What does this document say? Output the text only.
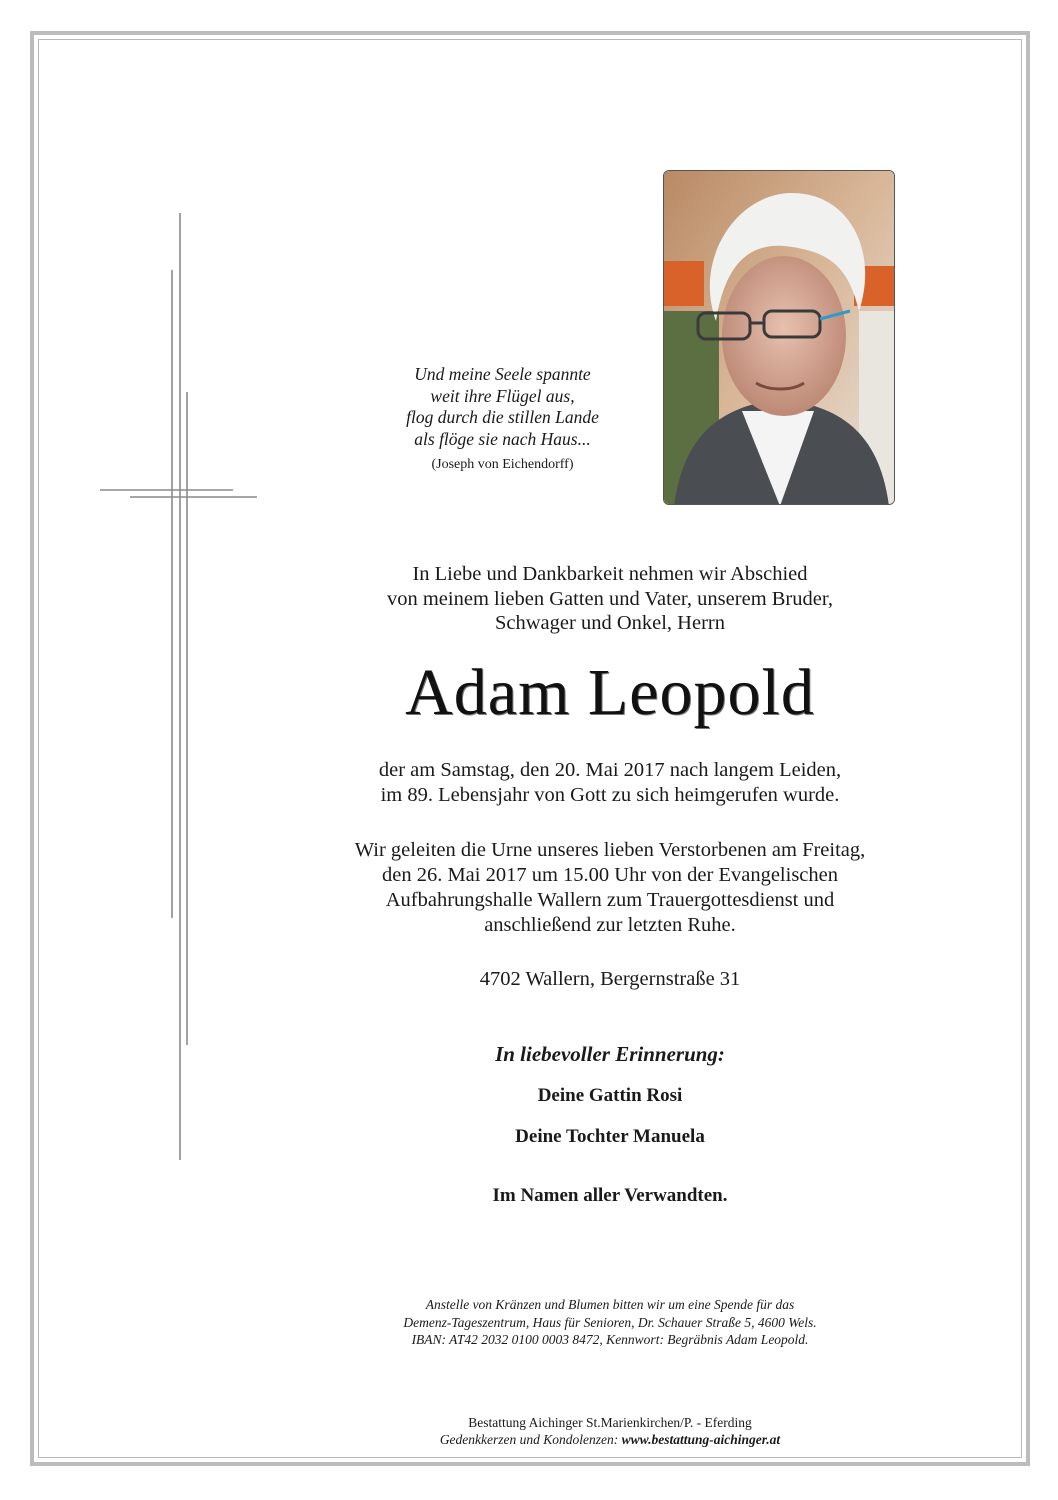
Und meine Seele spannte
weit ihre Flügel aus,
flog durch die stillen Lande
als flöge sie nach Haus...
(Joseph von Eichendorff)
In Liebe und Dankbarkeit nehmen wir Abschied
von meinem lieben Gatten und Vater, unserem Bruder,
Schwager und Onkel, Herrn
Adam Leopold
der am Samstag, den 20. Mai 2017 nach langem Leiden,
im 89. Lebensjahr von Gott zu sich heimgerufen wurde.
Wir geleiten die Urne unseres lieben Verstorbenen am Freitag,
den 26. Mai 2017 um 15.00 Uhr von der Evangelischen
Aufbahrungshalle Wallern zum Trauergottesdienst und
anschließend zur letzten Ruhe.
4702 Wallern, Bergernstraße 31
In liebevoller Erinnerung:
Deine Gattin Rosi
Deine Tochter Manuela
Im Namen aller Verwandten.
Anstelle von Kränzen und Blumen bitten wir um eine Spende für das
Demenz-Tageszentrum, Haus für Senioren, Dr. Schauer Straße 5, 4600 Wels.
IBAN: AT42 2032 0100 0003 8472, Kennwort: Begräbnis Adam Leopold.
Bestattung Aichinger St.Marienkirchen/P. - Eferding
Gedenkkerzen und Kondolenzen: www.bestattung-aichinger.at
